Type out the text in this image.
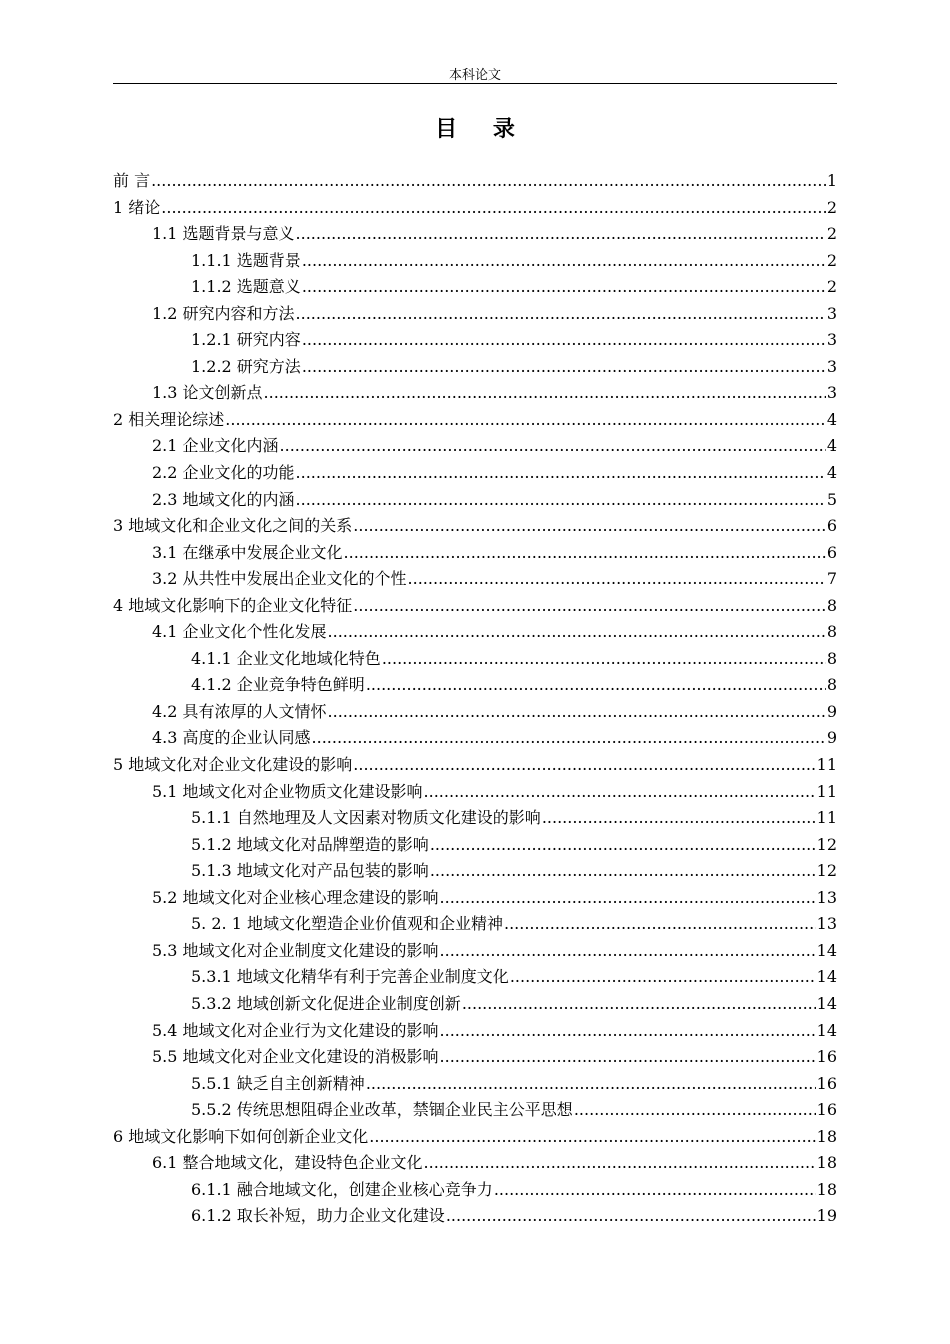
本科论文
目 录
前 言 .....	1
1 绪论 .....	2
1.1 选题背景与意义 .....	2
1.1.1 选题背景 .....	2
1.1.2 选题意义 .....	2
1.2 研究内容和方法 .....	3
1.2.1 研究内容 .....	3
1.2.2 研究方法 .....	3
1.3 论文创新点 .....	3
2 相关理论综述 .....	4
2.1 企业文化内涵 .....	4
2.2 企业文化的功能 .....	4
2.3 地域文化的内涵 .....	5
3 地域文化和企业文化之间的关系 .....	6
3.1 在继承中发展企业文化 .....	6
3.2 从共性中发展出企业文化的个性 .....	7
4 地域文化影响下的企业文化特征 .....	8
4.1 企业文化个性化发展 .....	8
4.1.1 企业文化地域化特色 .....	8
4.1.2 企业竞争特色鲜明 .....	8
4.2 具有浓厚的人文情怀 .....	9
4.3 高度的企业认同感 .....	9
5 地域文化对企业文化建设的影响 .....	11
5.1 地域文化对企业物质文化建设影响 .....	11
5.1.1 自然地理及人文因素对物质文化建设的影响 .....	11
5.1.2 地域文化对品牌塑造的影响 .....	12
5.1.3 地域文化对产品包装的影响 .....	12
5.2 地域文化对企业核心理念建设的影响 .....	13
5. 2. 1 地域文化塑造企业价值观和企业精神 .....	13
5.3 地域文化对企业制度文化建设的影响 .....	14
5.3.1 地域文化精华有利于完善企业制度文化 .....	14
5.3.2 地域创新文化促进企业制度创新 .....	14
5.4 地域文化对企业行为文化建设的影响 .....	14
5.5 地域文化对企业文化建设的消极影响 .....	16
5.5.1 缺乏自主创新精神 .....	16
5.5.2 传统思想阻碍企业改革，禁锢企业民主公平思想 .....	16
6 地域文化影响下如何创新企业文化 .....	18
6.1 整合地域文化，建设特色企业文化 .....	18
6.1.1 融合地域文化，创建企业核心竞争力 .....	18
6.1.2 取长补短，助力企业文化建设 .....	19
